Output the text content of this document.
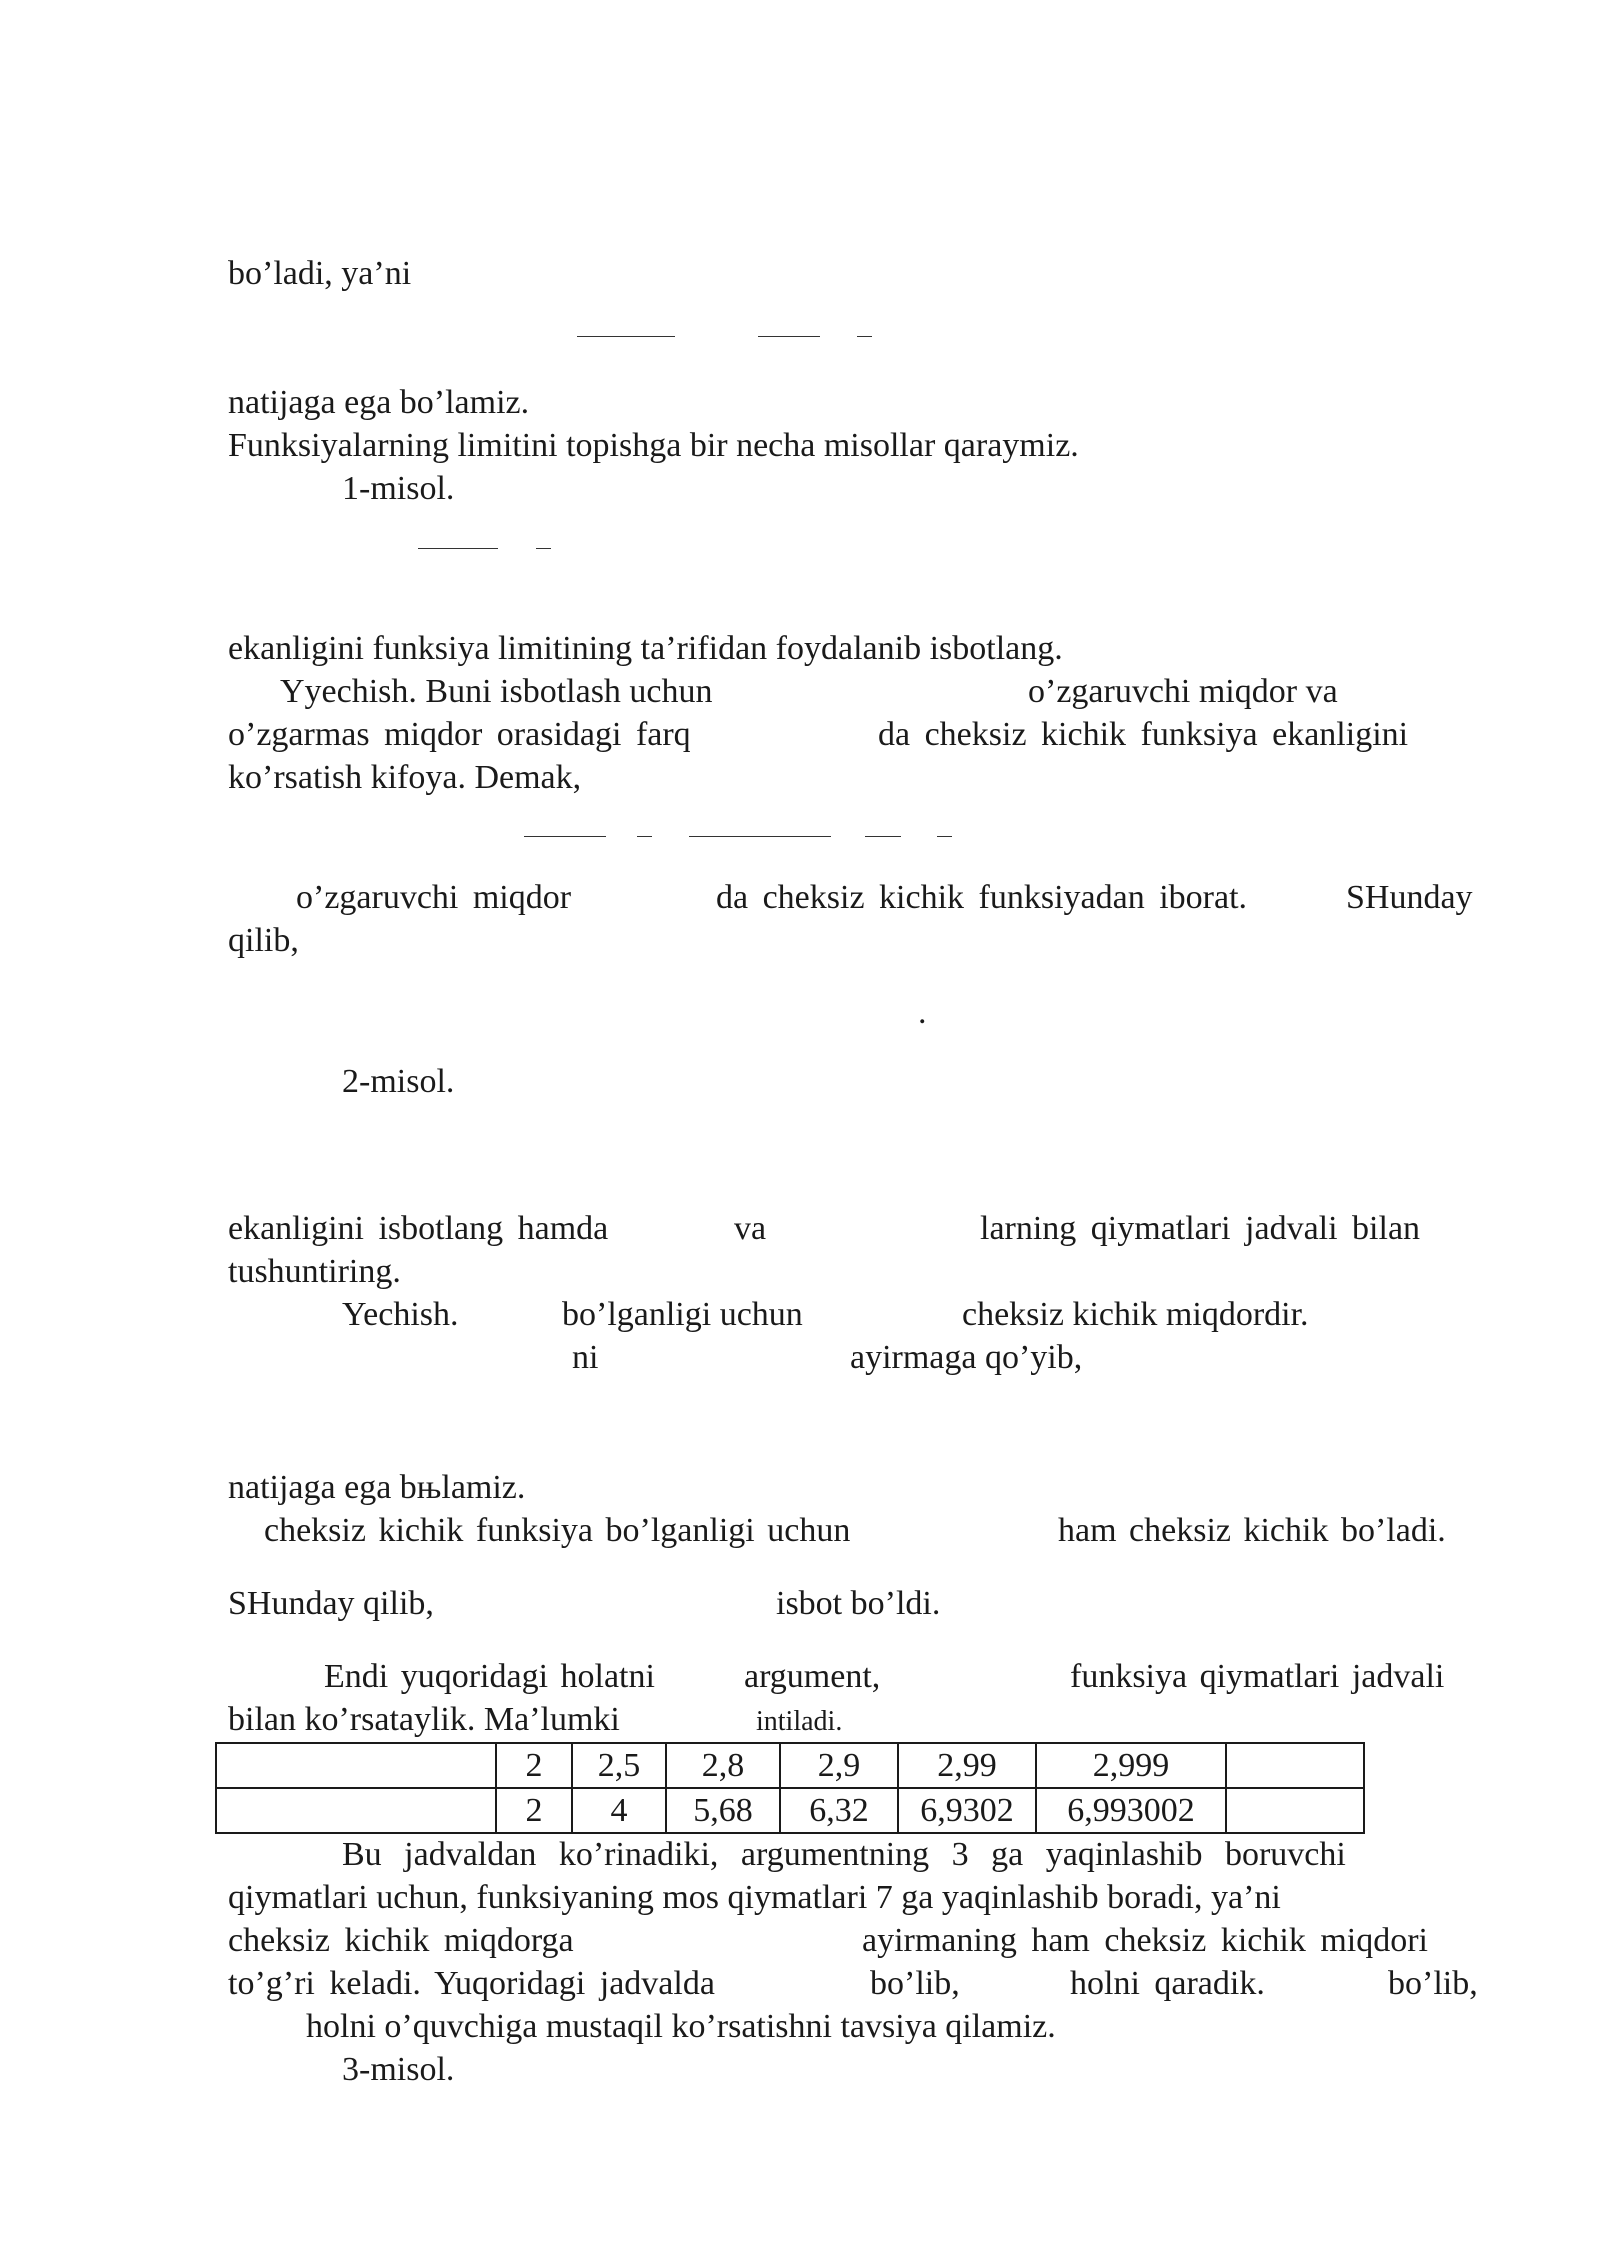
bo’ladi, ya’ni
natijaga ega bo’lamiz.
Funksiyalarning limitini topishga bir necha misollar qaraymiz.
1-misol.
ekanligini funksiya limitining ta’rifidan foydalanib isbotlang.
Yyechish. Buni isbotlash uchun	o’zgaruvchi miqdor va
o’zgarmas miqdor orasidagi farq	da cheksiz kichik funksiya ekanligini
ko’rsatish kifoya. Demak,
o’zgaruvchi miqdor	da cheksiz kichik funksiyadan iborat.	SHunday
qilib,
.
2-misol.
ekanligini isbotlang hamda	va	larning qiymatlari jadvali bilan
tushuntiring.
Yechish.	bo’lganligi uchun	cheksiz kichik miqdordir.
ni	ayirmaga qo’yib,
natijaga ega bњlamiz.
cheksiz kichik funksiya bo’lganligi uchun	ham cheksiz kichik bo’ladi.
SHunday qilib,	isbot bo’ldi.
Endi yuqoridagi holatni	argument,	funksiya qiymatlari jadvali
bilan ko’rsataylik. Ma’lumki	intiladi.
	2	2,5	2,8	2,9	2,99	2,999	
	2	4	5,68	6,32	6,9302	6,993002	
Bu jadvaldan ko’rinadiki, argumentning 3 ga yaqinlashib boruvchi
qiymatlari uchun, funksiyaning mos qiymatlari 7 ga yaqinlashib boradi, ya’ni
cheksiz kichik miqdorga	ayirmaning ham cheksiz kichik miqdori
to’g’ri keladi. Yuqoridagi jadvalda	bo’lib,	holni qaradik.	bo’lib,
holni o’quvchiga mustaqil ko’rsatishni tavsiya qilamiz.
3-misol.
